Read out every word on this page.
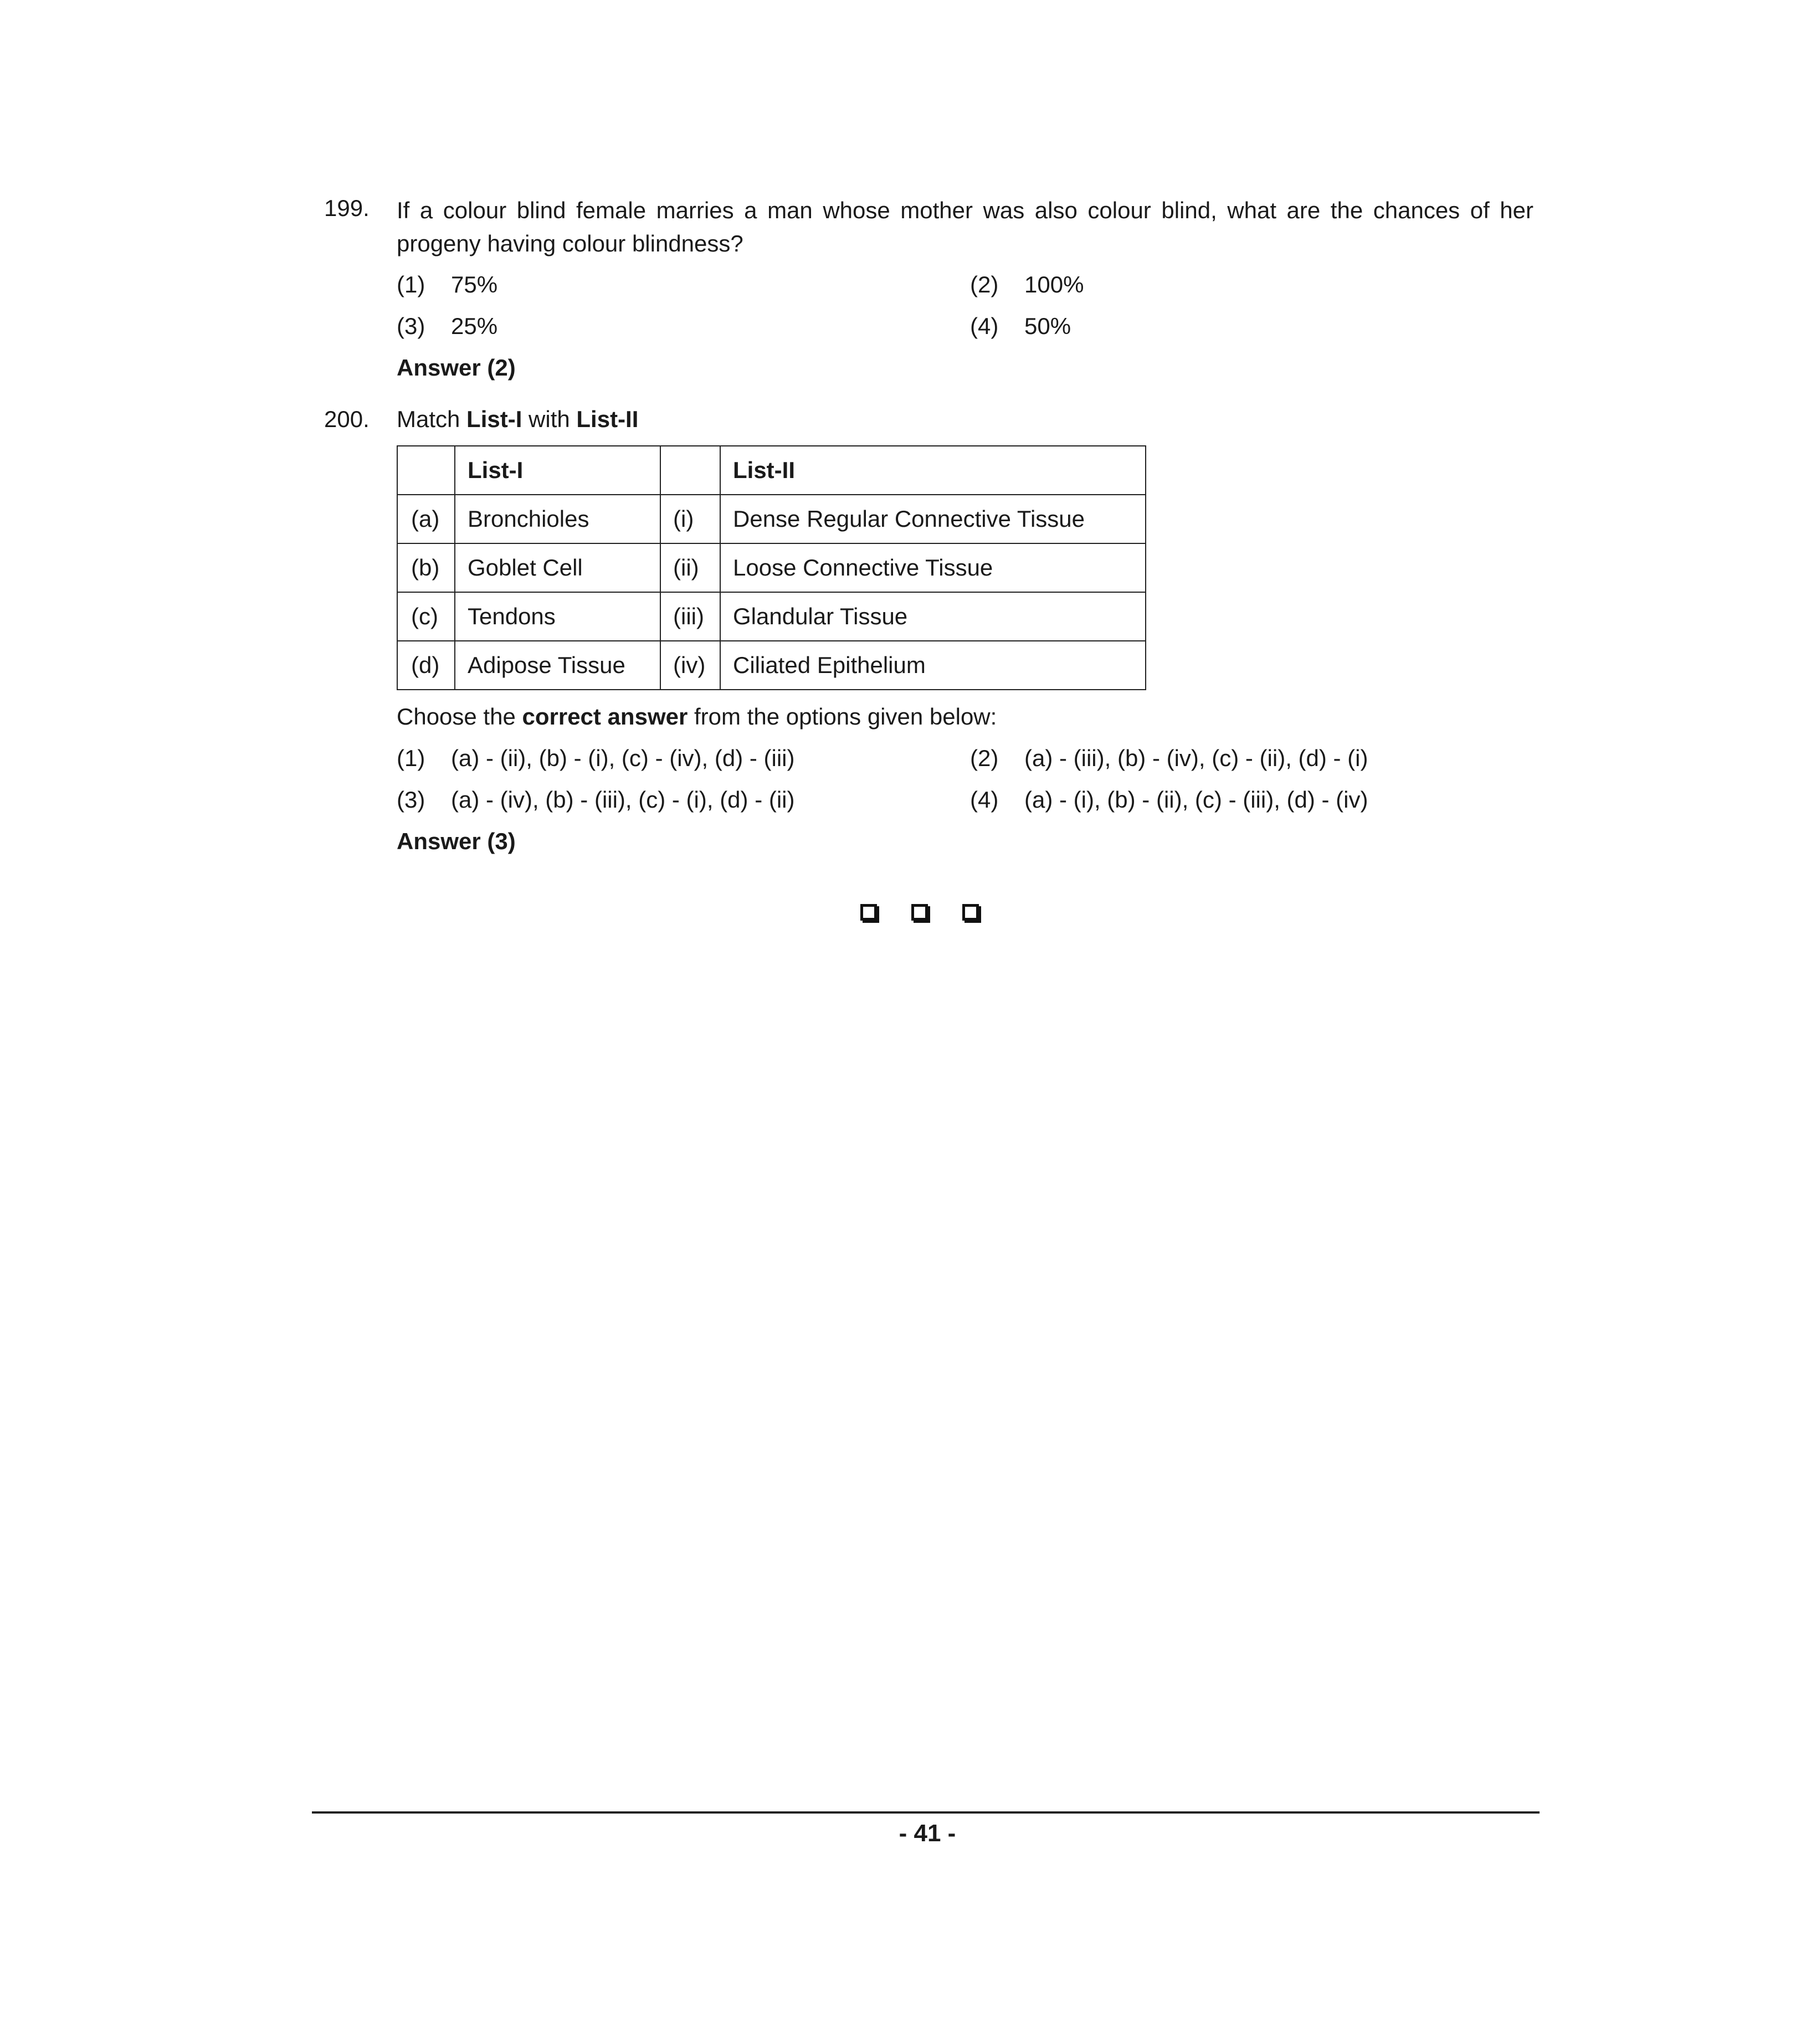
199. If a colour blind female marries a man whose mother was also colour blind, what are the chances of her progeny having colour blindness?
(1) 75%	(2) 100%
(3) 25%	(4) 50%
Answer (2)
200. Match List-I with List-II
	List-I		List-II
(a)	Bronchioles	(i)	Dense Regular Connective Tissue
(b)	Goblet Cell	(ii)	Loose Connective Tissue
(c)	Tendons	(iii)	Glandular Tissue
(d)	Adipose Tissue	(iv)	Ciliated Epithelium
Choose the correct answer from the options given below:
(1) (a) - (ii), (b) - (i), (c) - (iv), (d) - (iii)	(2) (a) - (iii), (b) - (iv), (c) - (ii), (d) - (i)
(3) (a) - (iv), (b) - (iii), (c) - (i), (d) - (ii)	(4) (a) - (i), (b) - (ii), (c) - (iii), (d) - (iv)
Answer (3)
- 41 -
